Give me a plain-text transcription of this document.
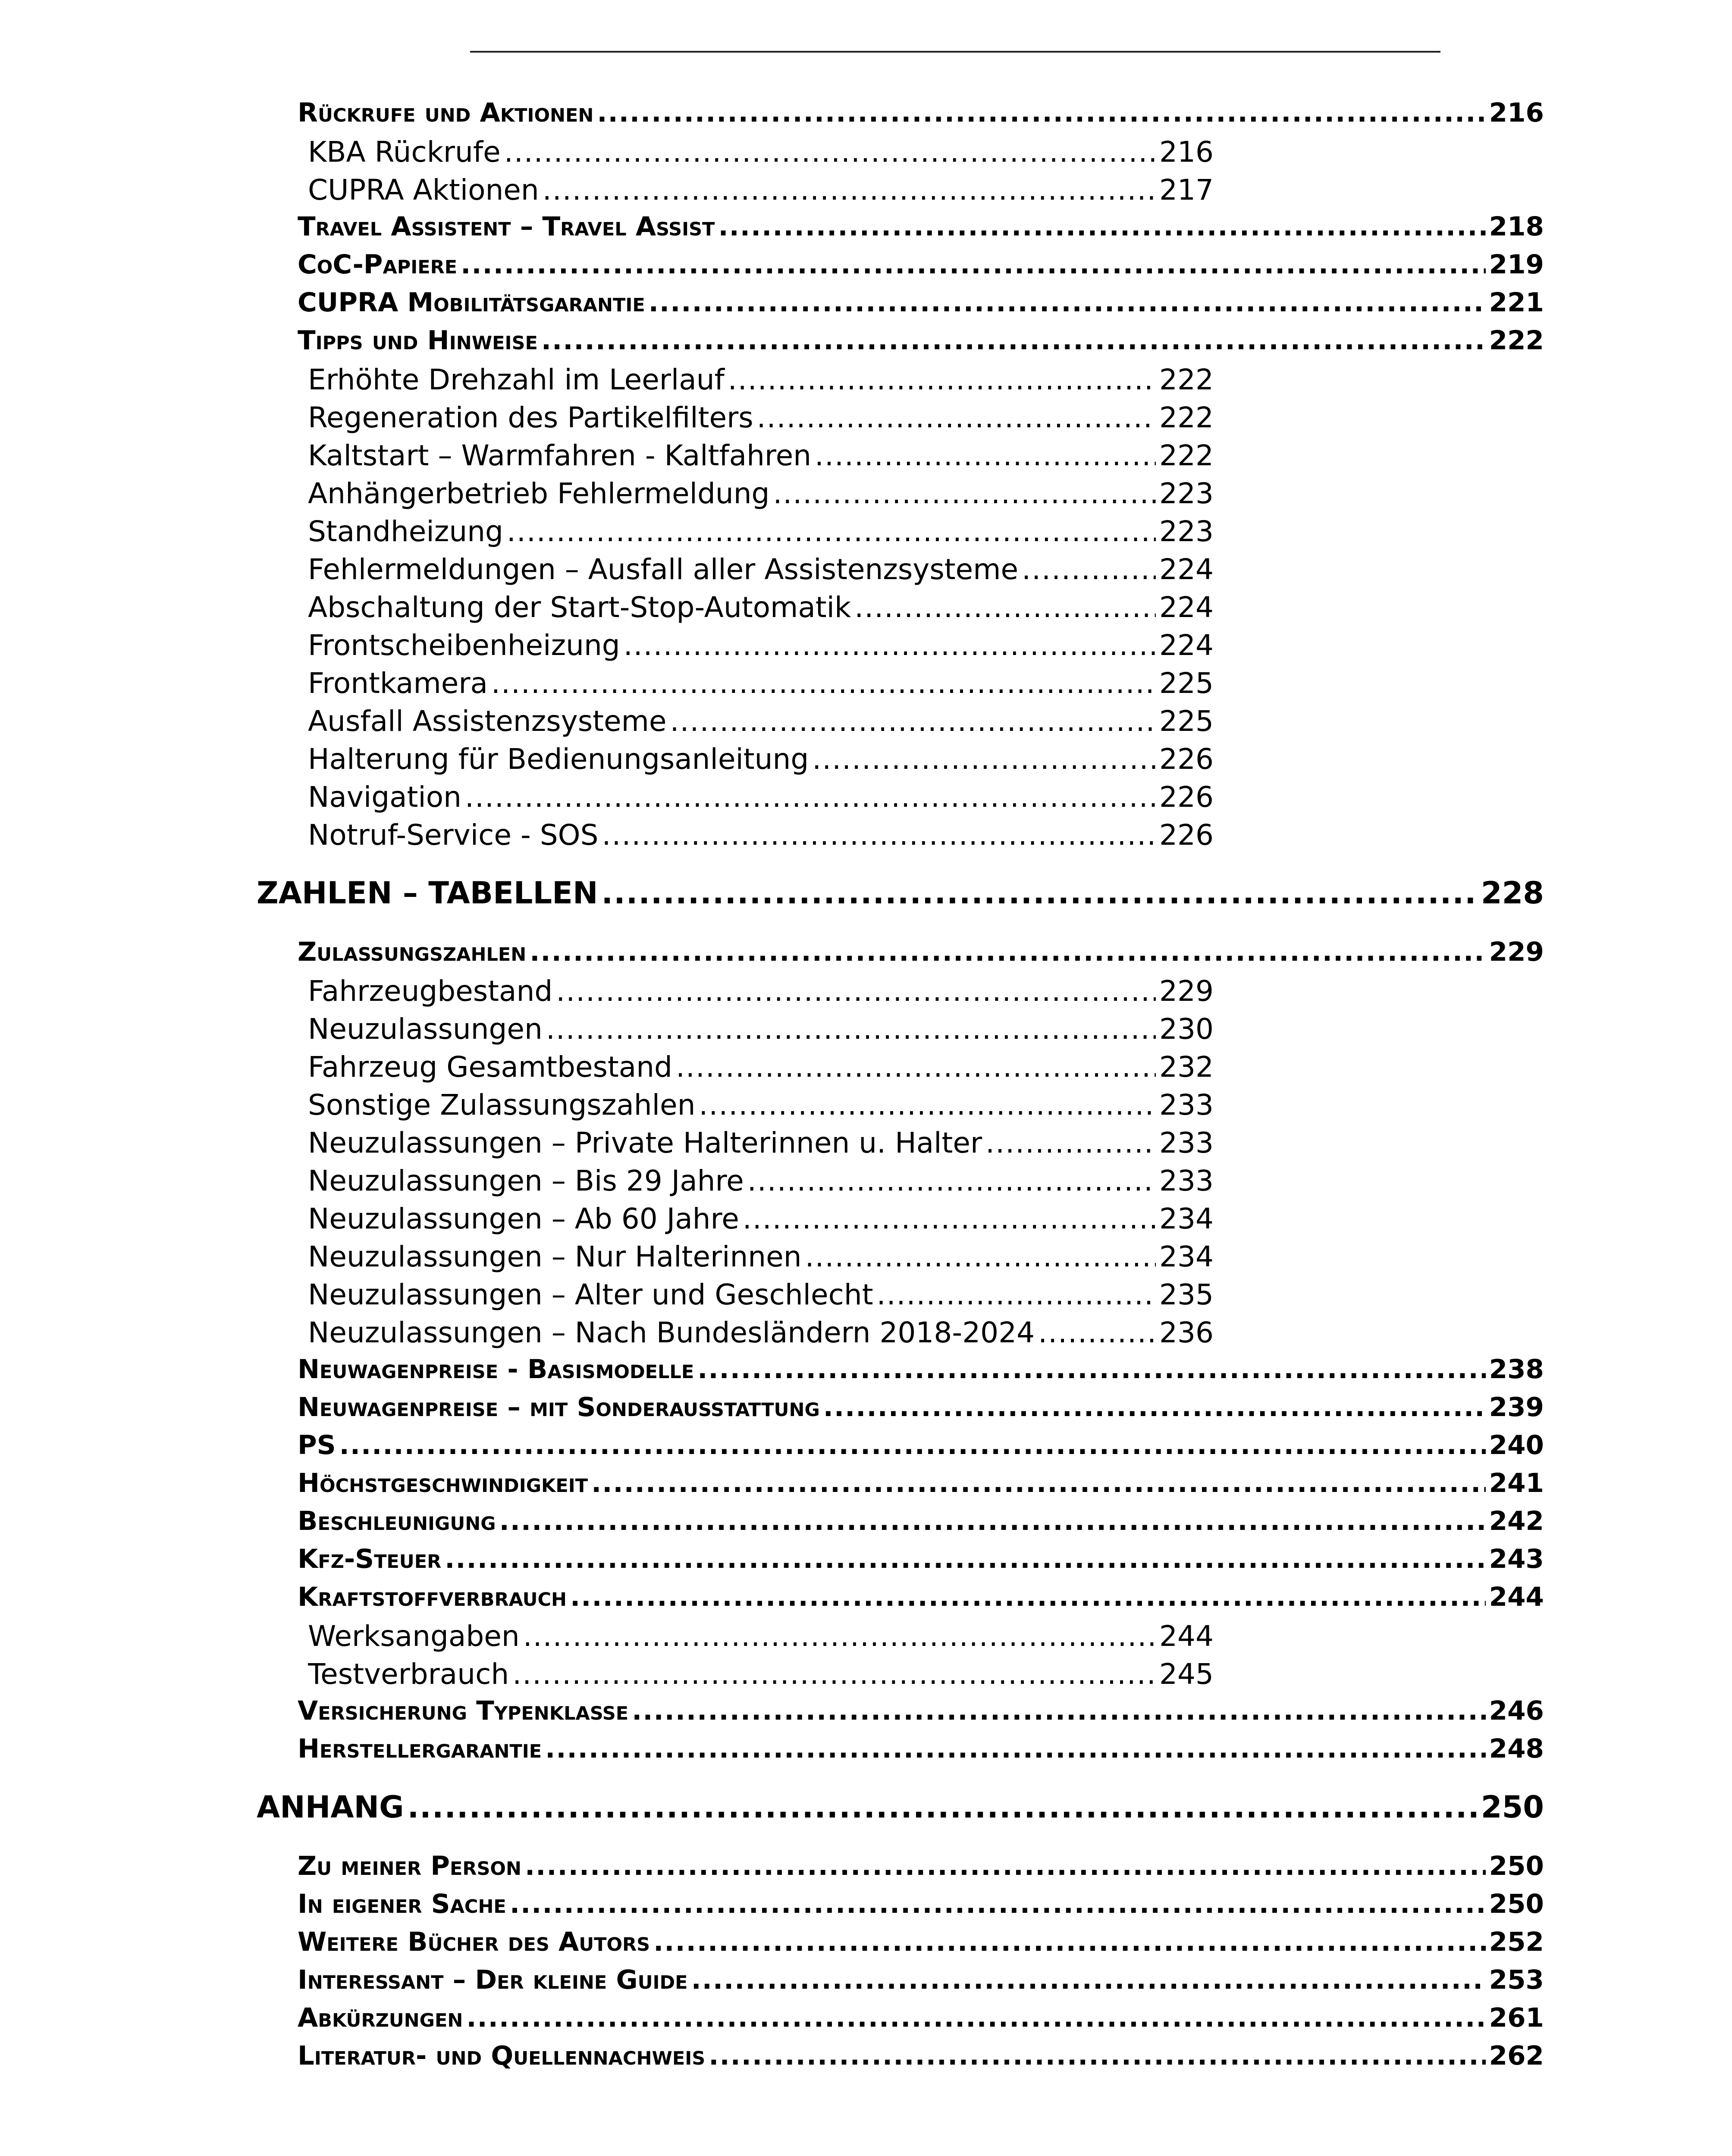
Rückrufe und Aktionen .....	216
KBA Rückrufe .....	216
CUPRA Aktionen .....	217
Travel Assistent – Travel Assist .....	218
CoC-Papiere .....	219
CUPRA Mobilitätsgarantie .....	221
Tipps und Hinweise .....	222
Erhöhte Drehzahl im Leerlauf .....	222
Regeneration des Partikelfilters .....	222
Kaltstart – Warmfahren - Kaltfahren .....	222
Anhängerbetrieb Fehlermeldung .....	223
Standheizung .....	223
Fehlermeldungen – Ausfall aller Assistenzsysteme .....	224
Abschaltung der Start-Stop-Automatik .....	224
Frontscheibenheizung .....	224
Frontkamera .....	225
Ausfall Assistenzsysteme .....	225
Halterung für Bedienungsanleitung .....	226
Navigation .....	226
Notruf-Service - SOS .....	226
ZAHLEN – TABELLEN .....	228
Zulassungszahlen .....	229
Fahrzeugbestand .....	229
Neuzulassungen .....	230
Fahrzeug Gesamtbestand .....	232
Sonstige Zulassungszahlen .....	233
Neuzulassungen – Private Halterinnen u. Halter .....	233
Neuzulassungen – Bis 29 Jahre .....	233
Neuzulassungen – Ab 60 Jahre .....	234
Neuzulassungen – Nur Halterinnen .....	234
Neuzulassungen – Alter und Geschlecht .....	235
Neuzulassungen – Nach Bundesländern 2018-2024 .....	236
Neuwagenpreise - Basismodelle .....	238
Neuwagenpreise – mit Sonderausstattung .....	239
PS .....	240
Höchstgeschwindigkeit .....	241
Beschleunigung .....	242
Kfz-Steuer .....	243
Kraftstoffverbrauch .....	244
Werksangaben .....	244
Testverbrauch .....	245
Versicherung Typenklasse .....	246
Herstellergarantie .....	248
ANHANG .....	250
Zu meiner Person .....	250
In eigener Sache .....	250
Weitere Bücher des Autors .....	252
Interessant – Der kleine Guide .....	253
Abkürzungen .....	261
Literatur- und Quellennachweis .....	262
